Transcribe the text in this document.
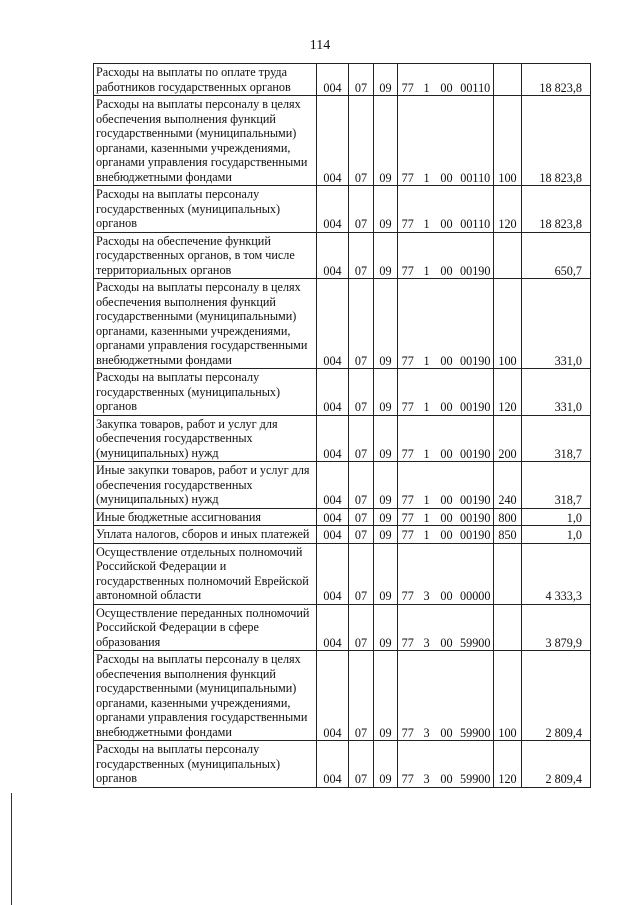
114
Расходы на выплаты по оплате труда работников государственных органов	004	07	09	77	1	00	00110		18 823,8
Расходы на выплаты персоналу в целях обеспечения выполнения функций государственными (муниципальными) органами, казенными учреждениями, органами управления государственными внебюджетными фондами	004	07	09	77	1	00	00110	100	18 823,8
Расходы на выплаты персоналу государственных (муниципальных) органов	004	07	09	77	1	00	00110	120	18 823,8
Расходы на обеспечение функций государственных органов, в том числе территориальных органов	004	07	09	77	1	00	00190		650,7
Расходы на выплаты персоналу в целях обеспечения выполнения функций государственными (муниципальными) органами, казенными учреждениями, органами управления государственными внебюджетными фондами	004	07	09	77	1	00	00190	100	331,0
Расходы на выплаты персоналу государственных (муниципальных) органов	004	07	09	77	1	00	00190	120	331,0
Закупка товаров, работ и услуг для обеспечения государственных (муниципальных) нужд	004	07	09	77	1	00	00190	200	318,7
Иные закупки товаров, работ и услуг для обеспечения государственных (муниципальных) нужд	004	07	09	77	1	00	00190	240	318,7
Иные бюджетные ассигнования	004	07	09	77	1	00	00190	800	1,0
Уплата налогов, сборов и иных платежей	004	07	09	77	1	00	00190	850	1,0
Осуществление отдельных полномочий Российской Федерации и государственных полномочий Еврейской автономной области	004	07	09	77	3	00	00000		4 333,3
Осуществление переданных полномочий Российской Федерации в сфере образования	004	07	09	77	3	00	59900		3 879,9
Расходы на выплаты персоналу в целях обеспечения выполнения функций государственными (муниципальными) органами, казенными учреждениями, органами управления государственными внебюджетными фондами	004	07	09	77	3	00	59900	100	2 809,4
Расходы на выплаты персоналу государственных (муниципальных) органов	004	07	09	77	3	00	59900	120	2 809,4
